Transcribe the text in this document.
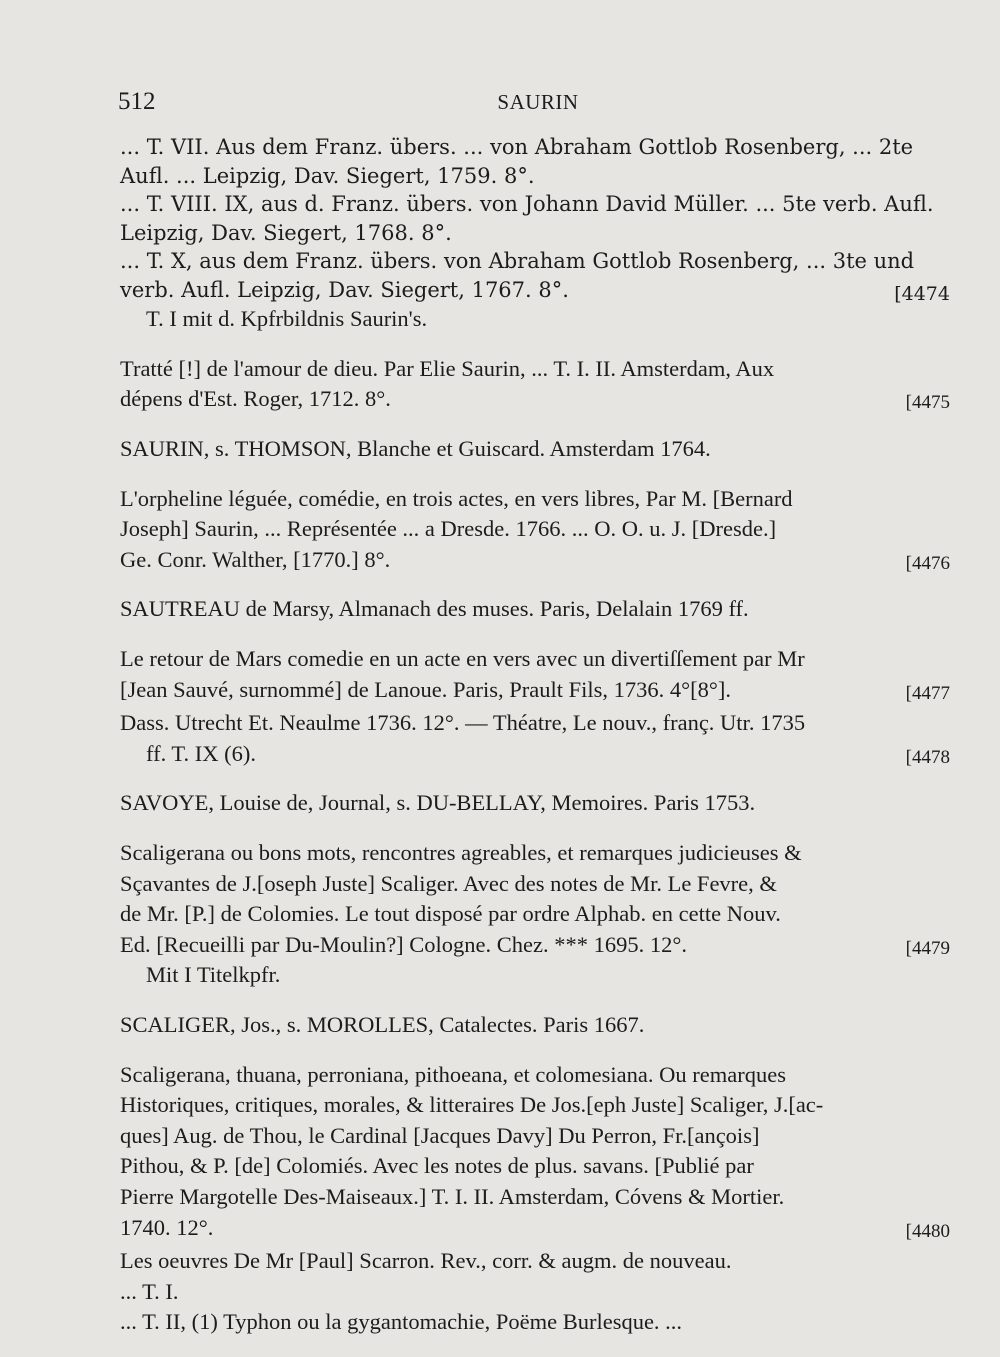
512	SAURIN
... T. VII. Aus dem Franz. übers. ... von Abraham Gottlob Rosenberg, ... 2te
Aufl. ... Leipzig, Dav. Siegert, 1759. 8°.
... T. VIII. IX, aus d. Franz. übers. von Johann David Müller. ... 5te verb. Aufl.
Leipzig, Dav. Siegert, 1768. 8°.
... T. X, aus dem Franz. übers. von Abraham Gottlob Rosenberg, ... 3te und
verb. Aufl. Leipzig, Dav. Siegert, 1767. 8°.	[4474
T. I mit d. Kpfrbildnis Saurin's.
Tratté [!] de l'amour de dieu. Par Elie Saurin, ... T. I. II. Amsterdam, Aux
dépens d'Est. Roger, 1712. 8°.	[4475
SAURIN, s. THOMSON, Blanche et Guiscard. Amsterdam 1764.
L'orpheline léguée, comédie, en trois actes, en vers libres, Par M. [Bernard
Joseph] Saurin, ... Représentée ... a Dresde. 1766. ... O. O. u. J. [Dresde.]
Ge. Conr. Walther, [1770.] 8°.	[4476
SAUTREAU de Marsy, Almanach des muses. Paris, Delalain 1769 ff.
Le retour de Mars comedie en un acte en vers avec un divertiſſement par Mr
[Jean Sauvé, surnommé] de Lanoue. Paris, Prault Fils, 1736. 4°[8°].	[4477
Dass. Utrecht Et. Neaulme 1736. 12°. — Théatre, Le nouv., franç. Utr. 1735
ff. T. IX (6).	[4478
SAVOYE, Louise de, Journal, s. DU-BELLAY, Memoires. Paris 1753.
Scaligerana ou bons mots, rencontres agreables, et remarques judicieuses &
Sçavantes de J.[oseph Juste] Scaliger. Avec des notes de Mr. Le Fevre, &
de Mr. [P.] de Colomies. Le tout disposé par ordre Alphab. en cette Nouv.
Ed. [Recueilli par Du-Moulin?] Cologne. Chez. *** 1695. 12°.	[4479
Mit I Titelkpfr.
SCALIGER, Jos., s. MOROLLES, Catalectes. Paris 1667.
Scaligerana, thuana, perroniana, pithoeana, et colomesiana. Ou remarques
Historiques, critiques, morales, & litteraires De Jos.[eph Juste] Scaliger, J.[ac-
ques] Aug. de Thou, le Cardinal [Jacques Davy] Du Perron, Fr.[ançois]
Pithou, & P. [de] Colomiés. Avec les notes de plus. savans. [Publié par
Pierre Margotelle Des-Maiseaux.] T. I. II. Amsterdam, Cóvens & Mortier.
1740. 12°.	[4480
Les oeuvres De Mr [Paul] Scarron. Rev., corr. & augm. de nouveau.
... T. I.
... T. II, (1) Typhon ou la gygantomachie, Poëme Burlesque. ...
